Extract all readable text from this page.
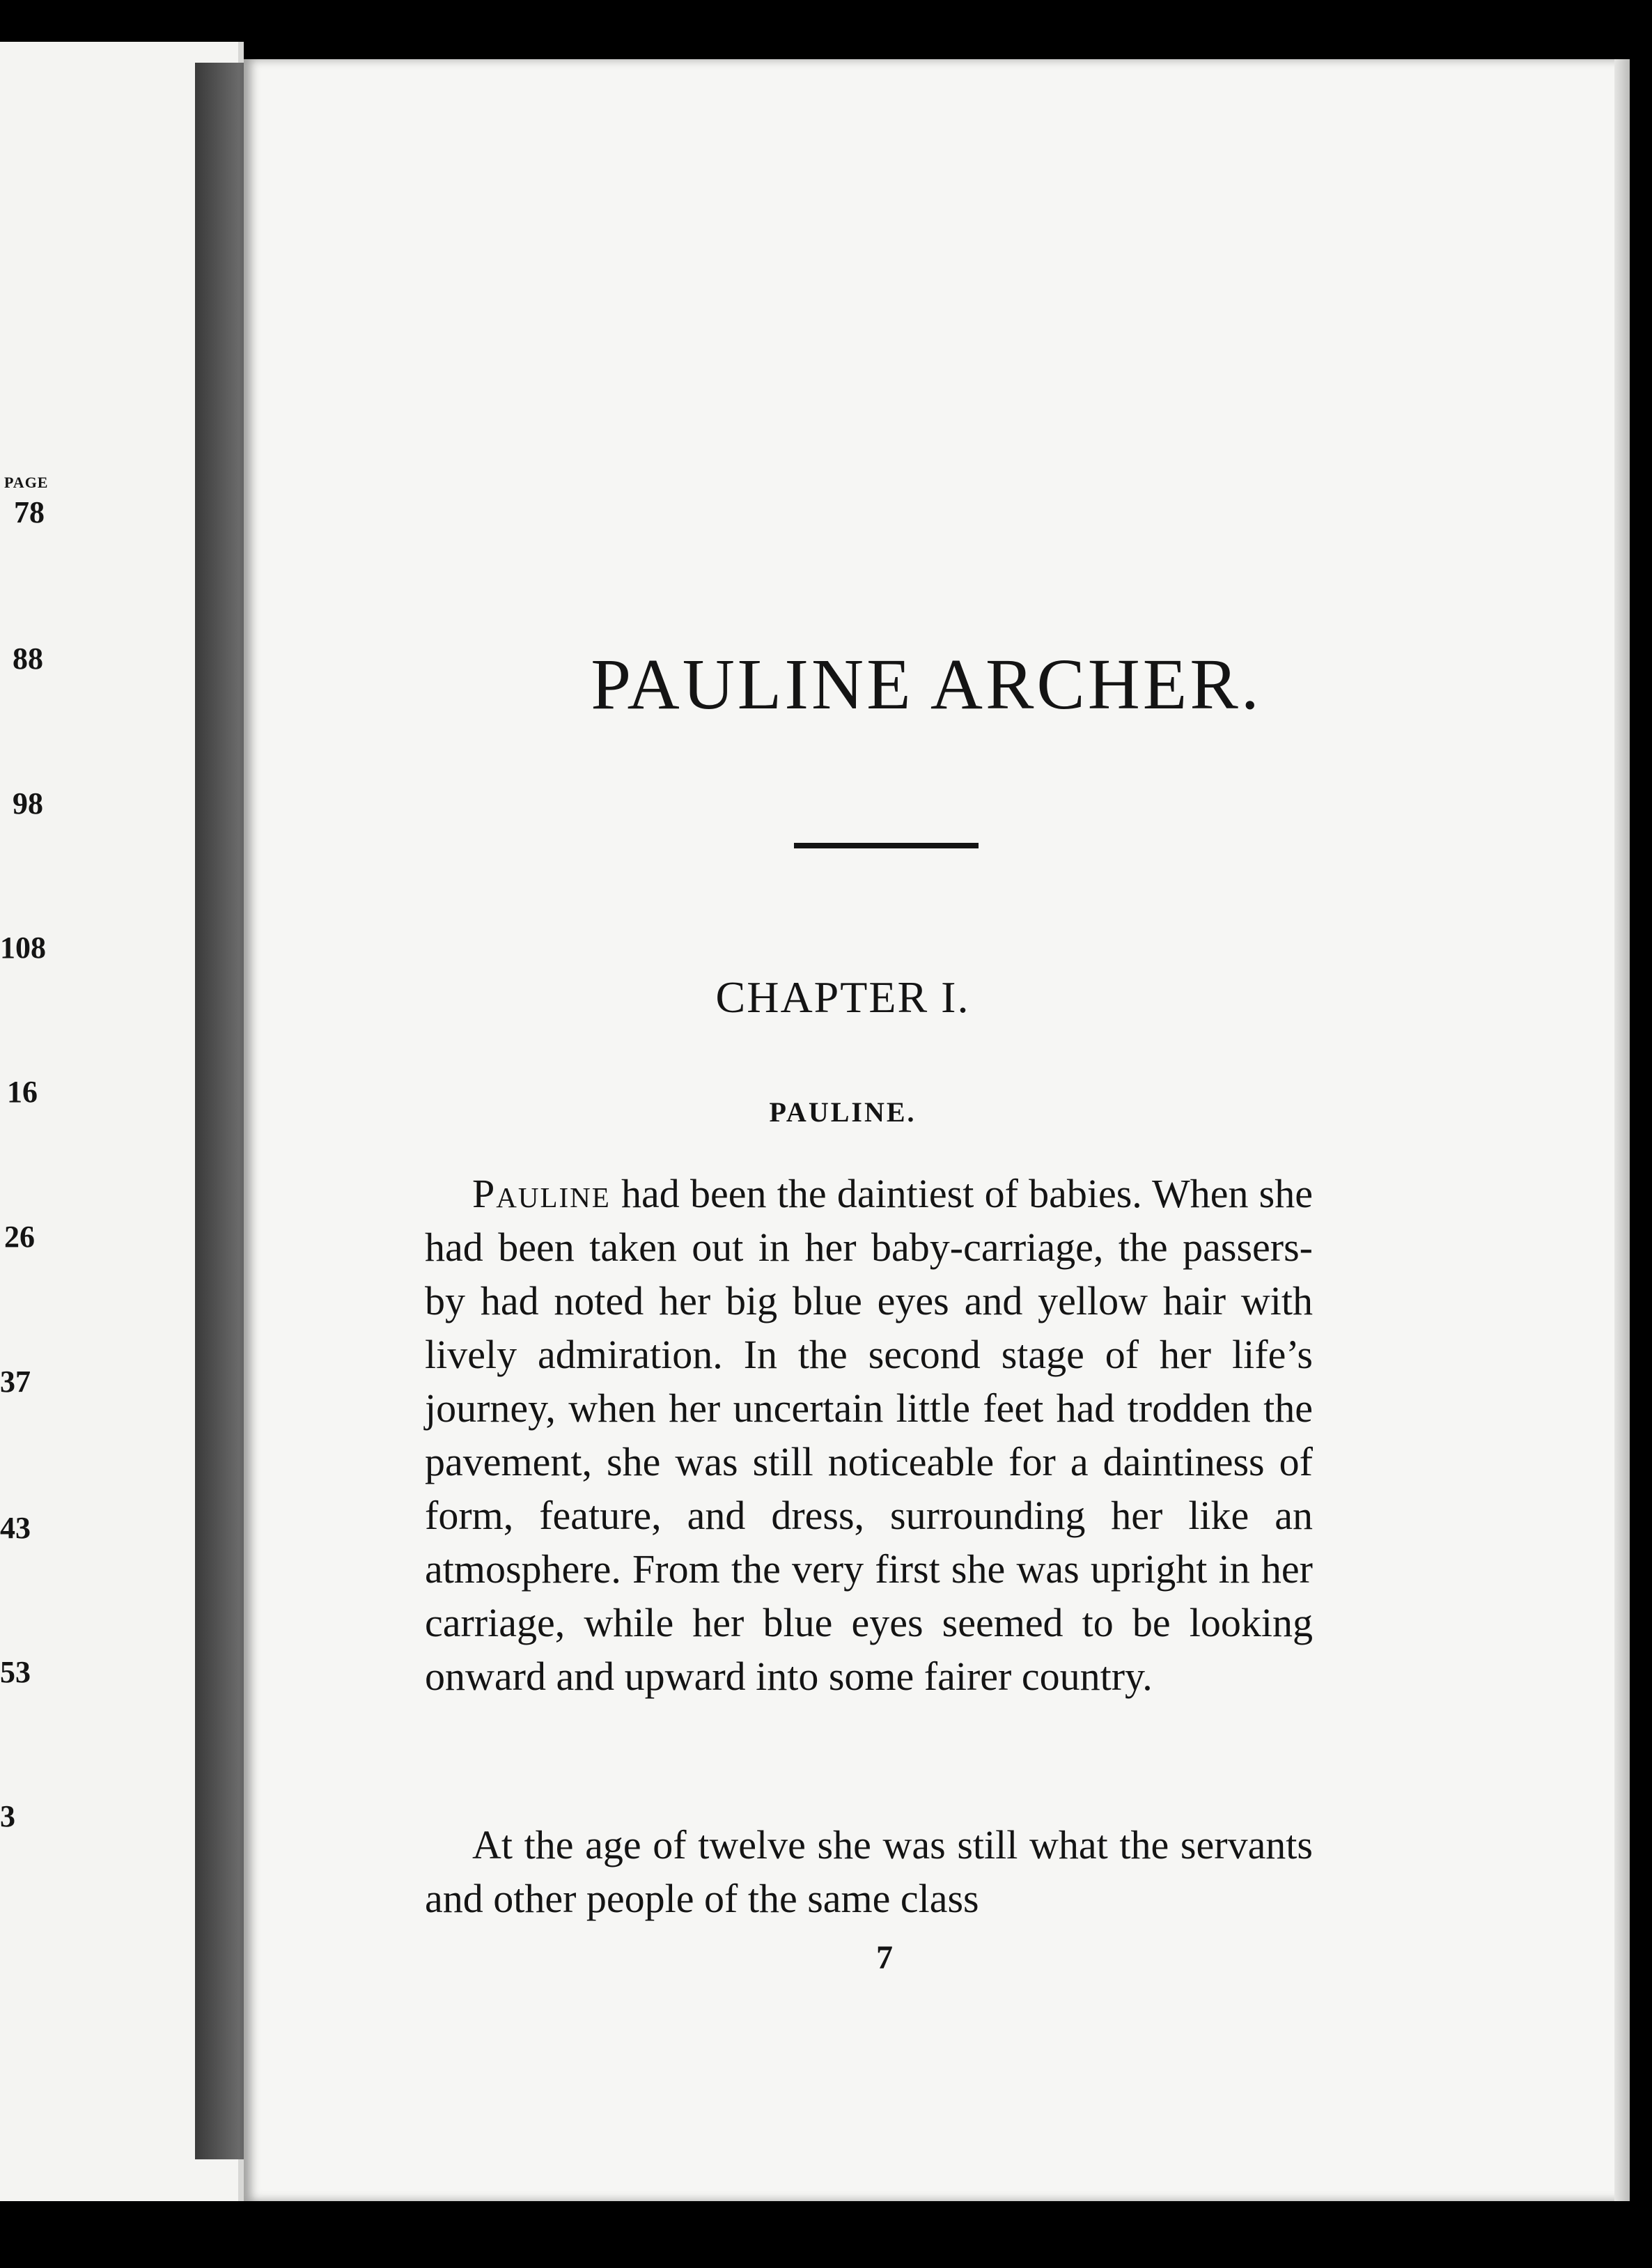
PAGE

78

88

98

108

16

26

37

43

53

3

PAULINE ARCHER.
CHAPTER I.
PAULINE.

Pauline had been the daintiest of babies. When she had been taken out in her baby-carriage, the passers-by had noted her big blue eyes and yellow hair with lively admiration. In the second stage of her life’s journey, when her uncertain little feet had trodden the pavement, she was still noticeable for a daintiness of form, feature, and dress, surrounding her like an atmosphere. From the very first she was upright in her carriage, while her blue eyes seemed to be looking onward and upward into some fairer country.

At the age of twelve she was still what the servants and other people of the same class

7
